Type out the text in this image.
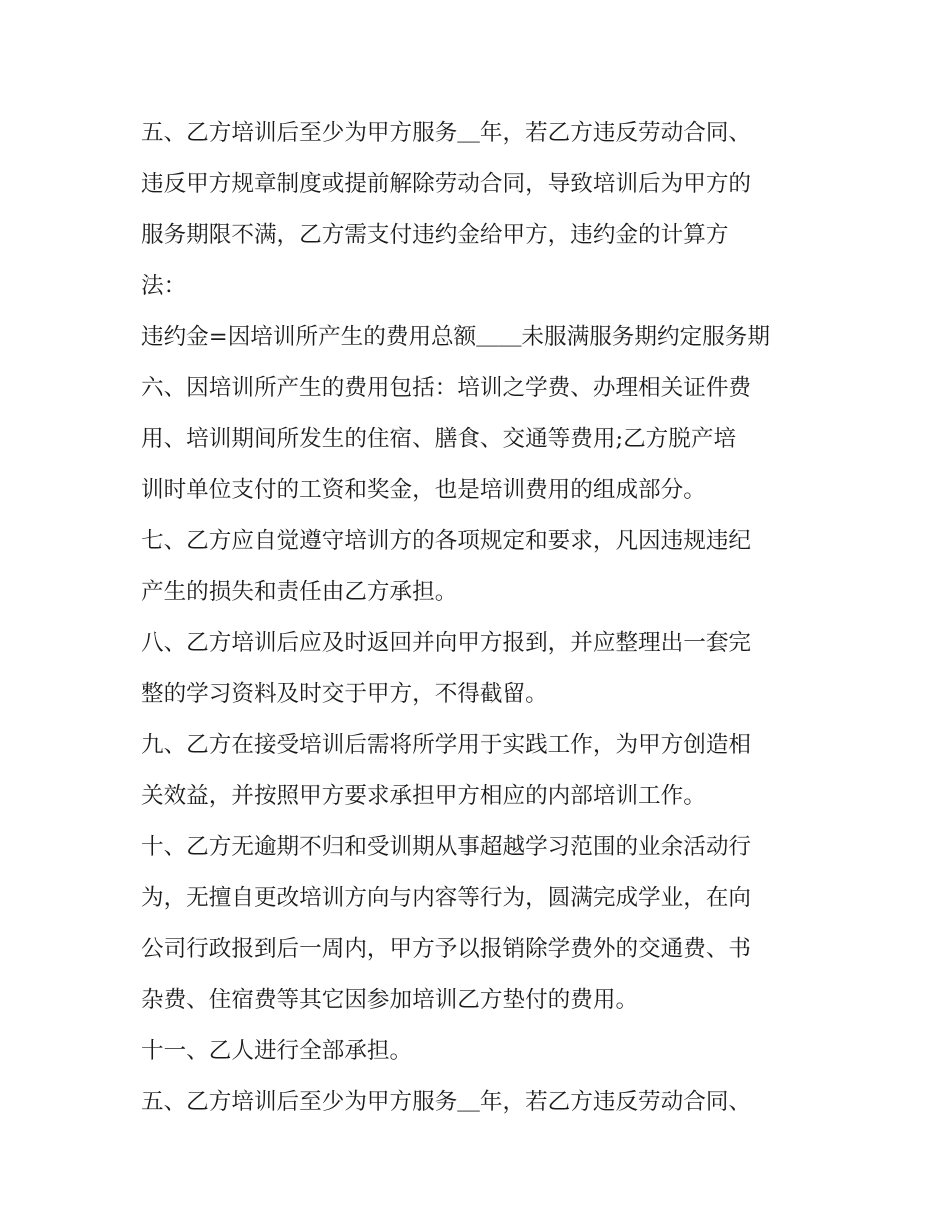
五、乙方培训后至少为甲方服务＿年，若乙方违反劳动合同、
违反甲方规章制度或提前解除劳动合同，导致培训后为甲方的
服务期限不满，乙方需支付违约金给甲方，违约金的计算方
法：
违约金=因培训所产生的费用总额＿＿未服满服务期约定服务期
六、因培训所产生的费用包括：培训之学费、办理相关证件费
用、培训期间所发生的住宿、膳食、交通等费用;乙方脱产培
训时单位支付的工资和奖金，也是培训费用的组成部分。
七、乙方应自觉遵守培训方的各项规定和要求，凡因违规违纪
产生的损失和责任由乙方承担。
八、乙方培训后应及时返回并向甲方报到，并应整理出一套完
整的学习资料及时交于甲方，不得截留。
九、乙方在接受培训后需将所学用于实践工作，为甲方创造相
关效益，并按照甲方要求承担甲方相应的内部培训工作。
十、乙方无逾期不归和受训期从事超越学习范围的业余活动行
为，无擅自更改培训方向与内容等行为，圆满完成学业，在向
公司行政报到后一周内，甲方予以报销除学费外的交通费、书
杂费、住宿费等其它因参加培训乙方垫付的费用。
十一、乙人进行全部承担。
五、乙方培训后至少为甲方服务＿年，若乙方违反劳动合同、
